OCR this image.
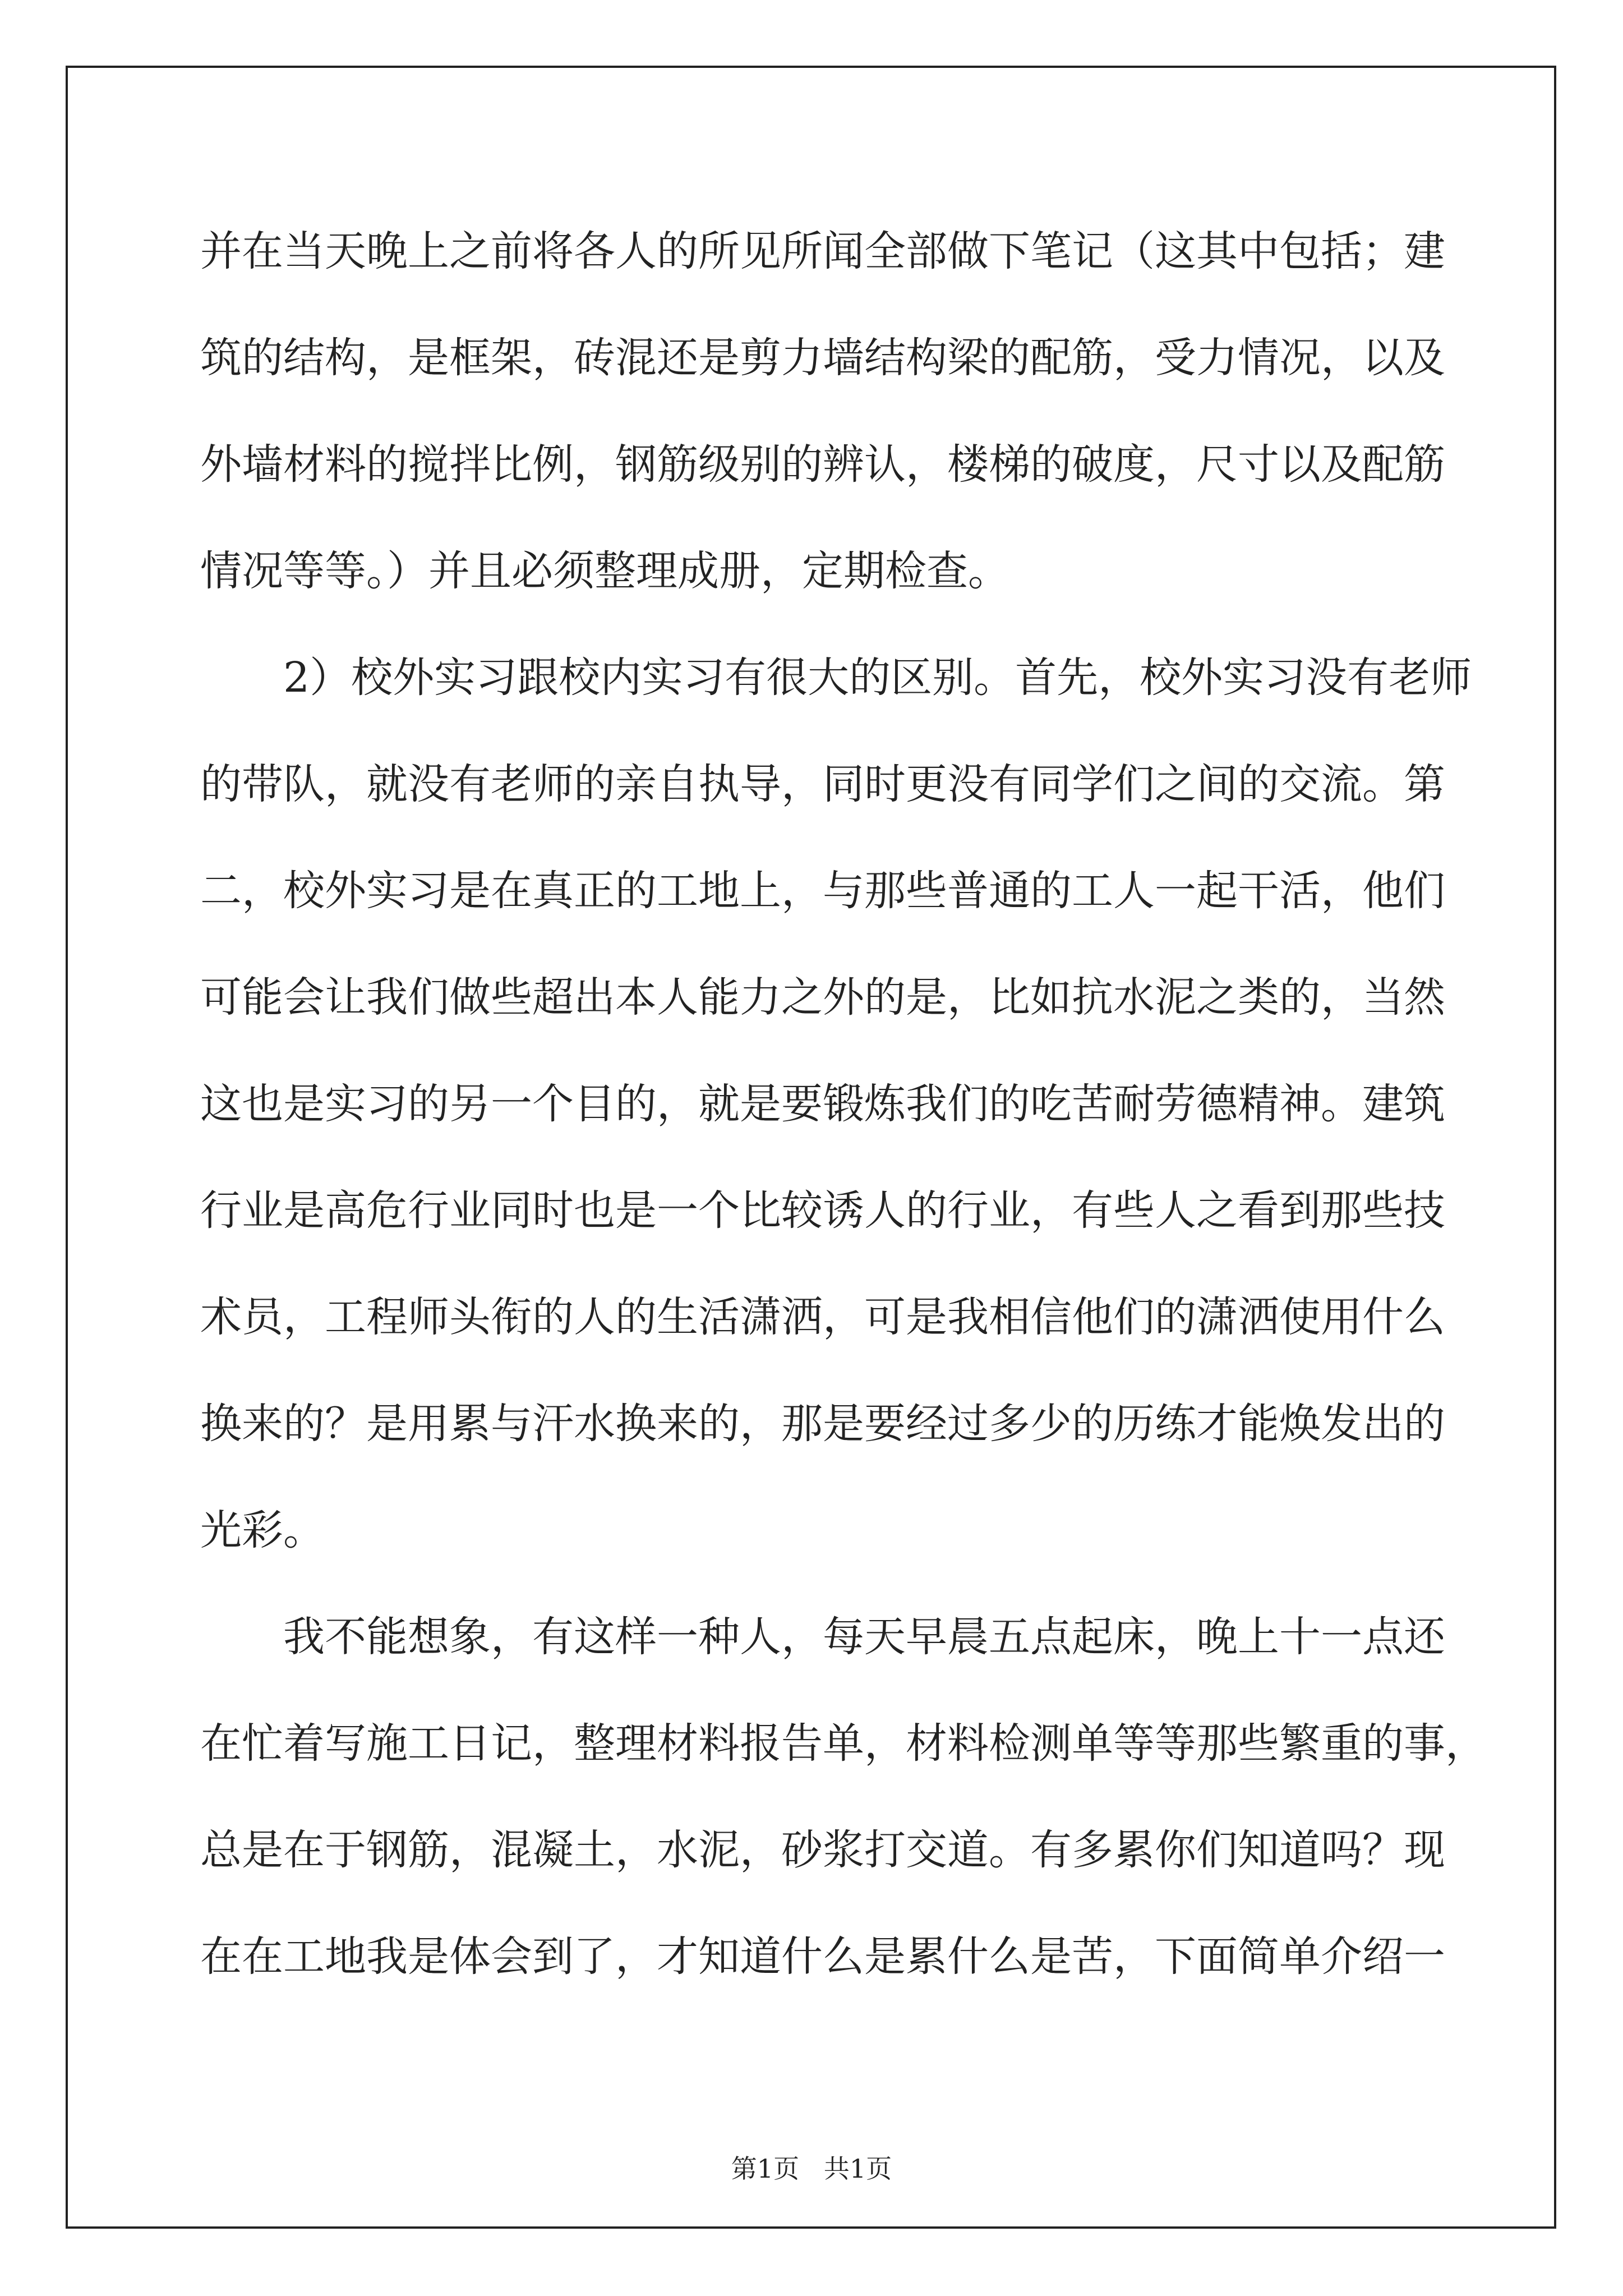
并在当天晚上之前将各人的所见所闻全部做下笔记（这其中包括；建
筑的结构，是框架，砖混还是剪力墙结构梁的配筋，受力情况，以及
外墙材料的搅拌比例，钢筋级别的辨认，楼梯的破度，尺寸以及配筋
情况等等。）并且必须整理成册，定期检查。
　　2）校外实习跟校内实习有很大的区别。首先，校外实习没有老师
的带队，就没有老师的亲自执导，同时更没有同学们之间的交流。第
二，校外实习是在真正的工地上，与那些普通的工人一起干活，他们
可能会让我们做些超出本人能力之外的是，比如抗水泥之类的，当然
这也是实习的另一个目的，就是要锻炼我们的吃苦耐劳德精神。建筑
行业是高危行业同时也是一个比较诱人的行业，有些人之看到那些技
术员，工程师头衔的人的生活潇洒，可是我相信他们的潇洒使用什么
换来的？是用累与汗水换来的，那是要经过多少的历练才能焕发出的
光彩。
　　我不能想象，有这样一种人，每天早晨五点起床，晚上十一点还
在忙着写施工日记，整理材料报告单，材料检测单等等那些繁重的事，
总是在于钢筋，混凝土，水泥，砂浆打交道。有多累你们知道吗？现
在在工地我是体会到了，才知道什么是累什么是苦，下面简单介绍一
第1页   共1页
